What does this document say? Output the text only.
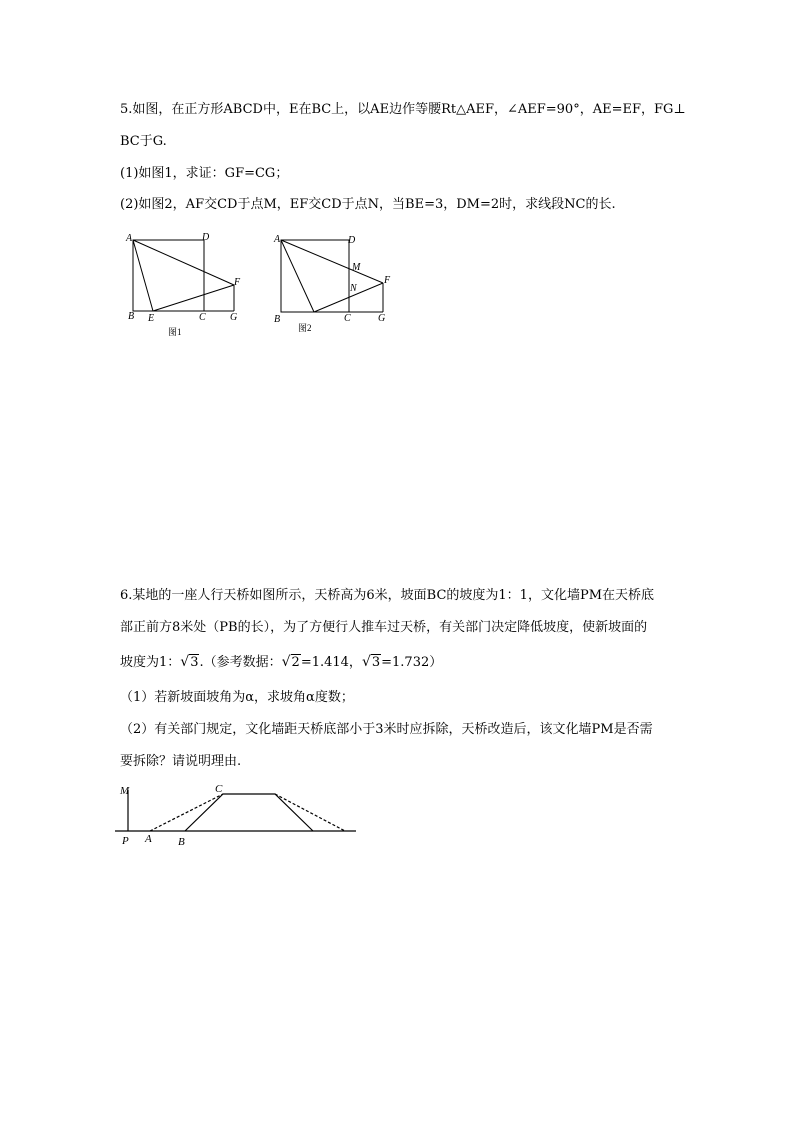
5.如图，在正方形ABCD中，E在BC上，以AE边作等腰Rt△AEF，∠AEF=90°，AE=EF，FG⊥
BC于G.
(1)如图1，求证：GF=CG；
(2)如图2，AF交CD于点M，EF交CD于点N，当BE=3，DM=2时，求线段NC的长.
A	D
F
B E	C G
图1
A	D
M
F
N
B	C	G
图2
6.某地的一座人行天桥如图所示，天桥高为6米，坡面BC的坡度为1：1，文化墙PM在天桥底
部正前方8米处（PB的长），为了方便行人推车过天桥，有关部门决定降低坡度，使新坡面的
坡度为1：√3.（参考数据：√2=1.414，√3=1.732）
（1）若新坡面坡角为α，求坡角α度数；
（2）有关部门规定，文化墙距天桥底部小于3米时应拆除，天桥改造后，该文化墙PM是否需
要拆除？请说明理由.
M	C
P A B
